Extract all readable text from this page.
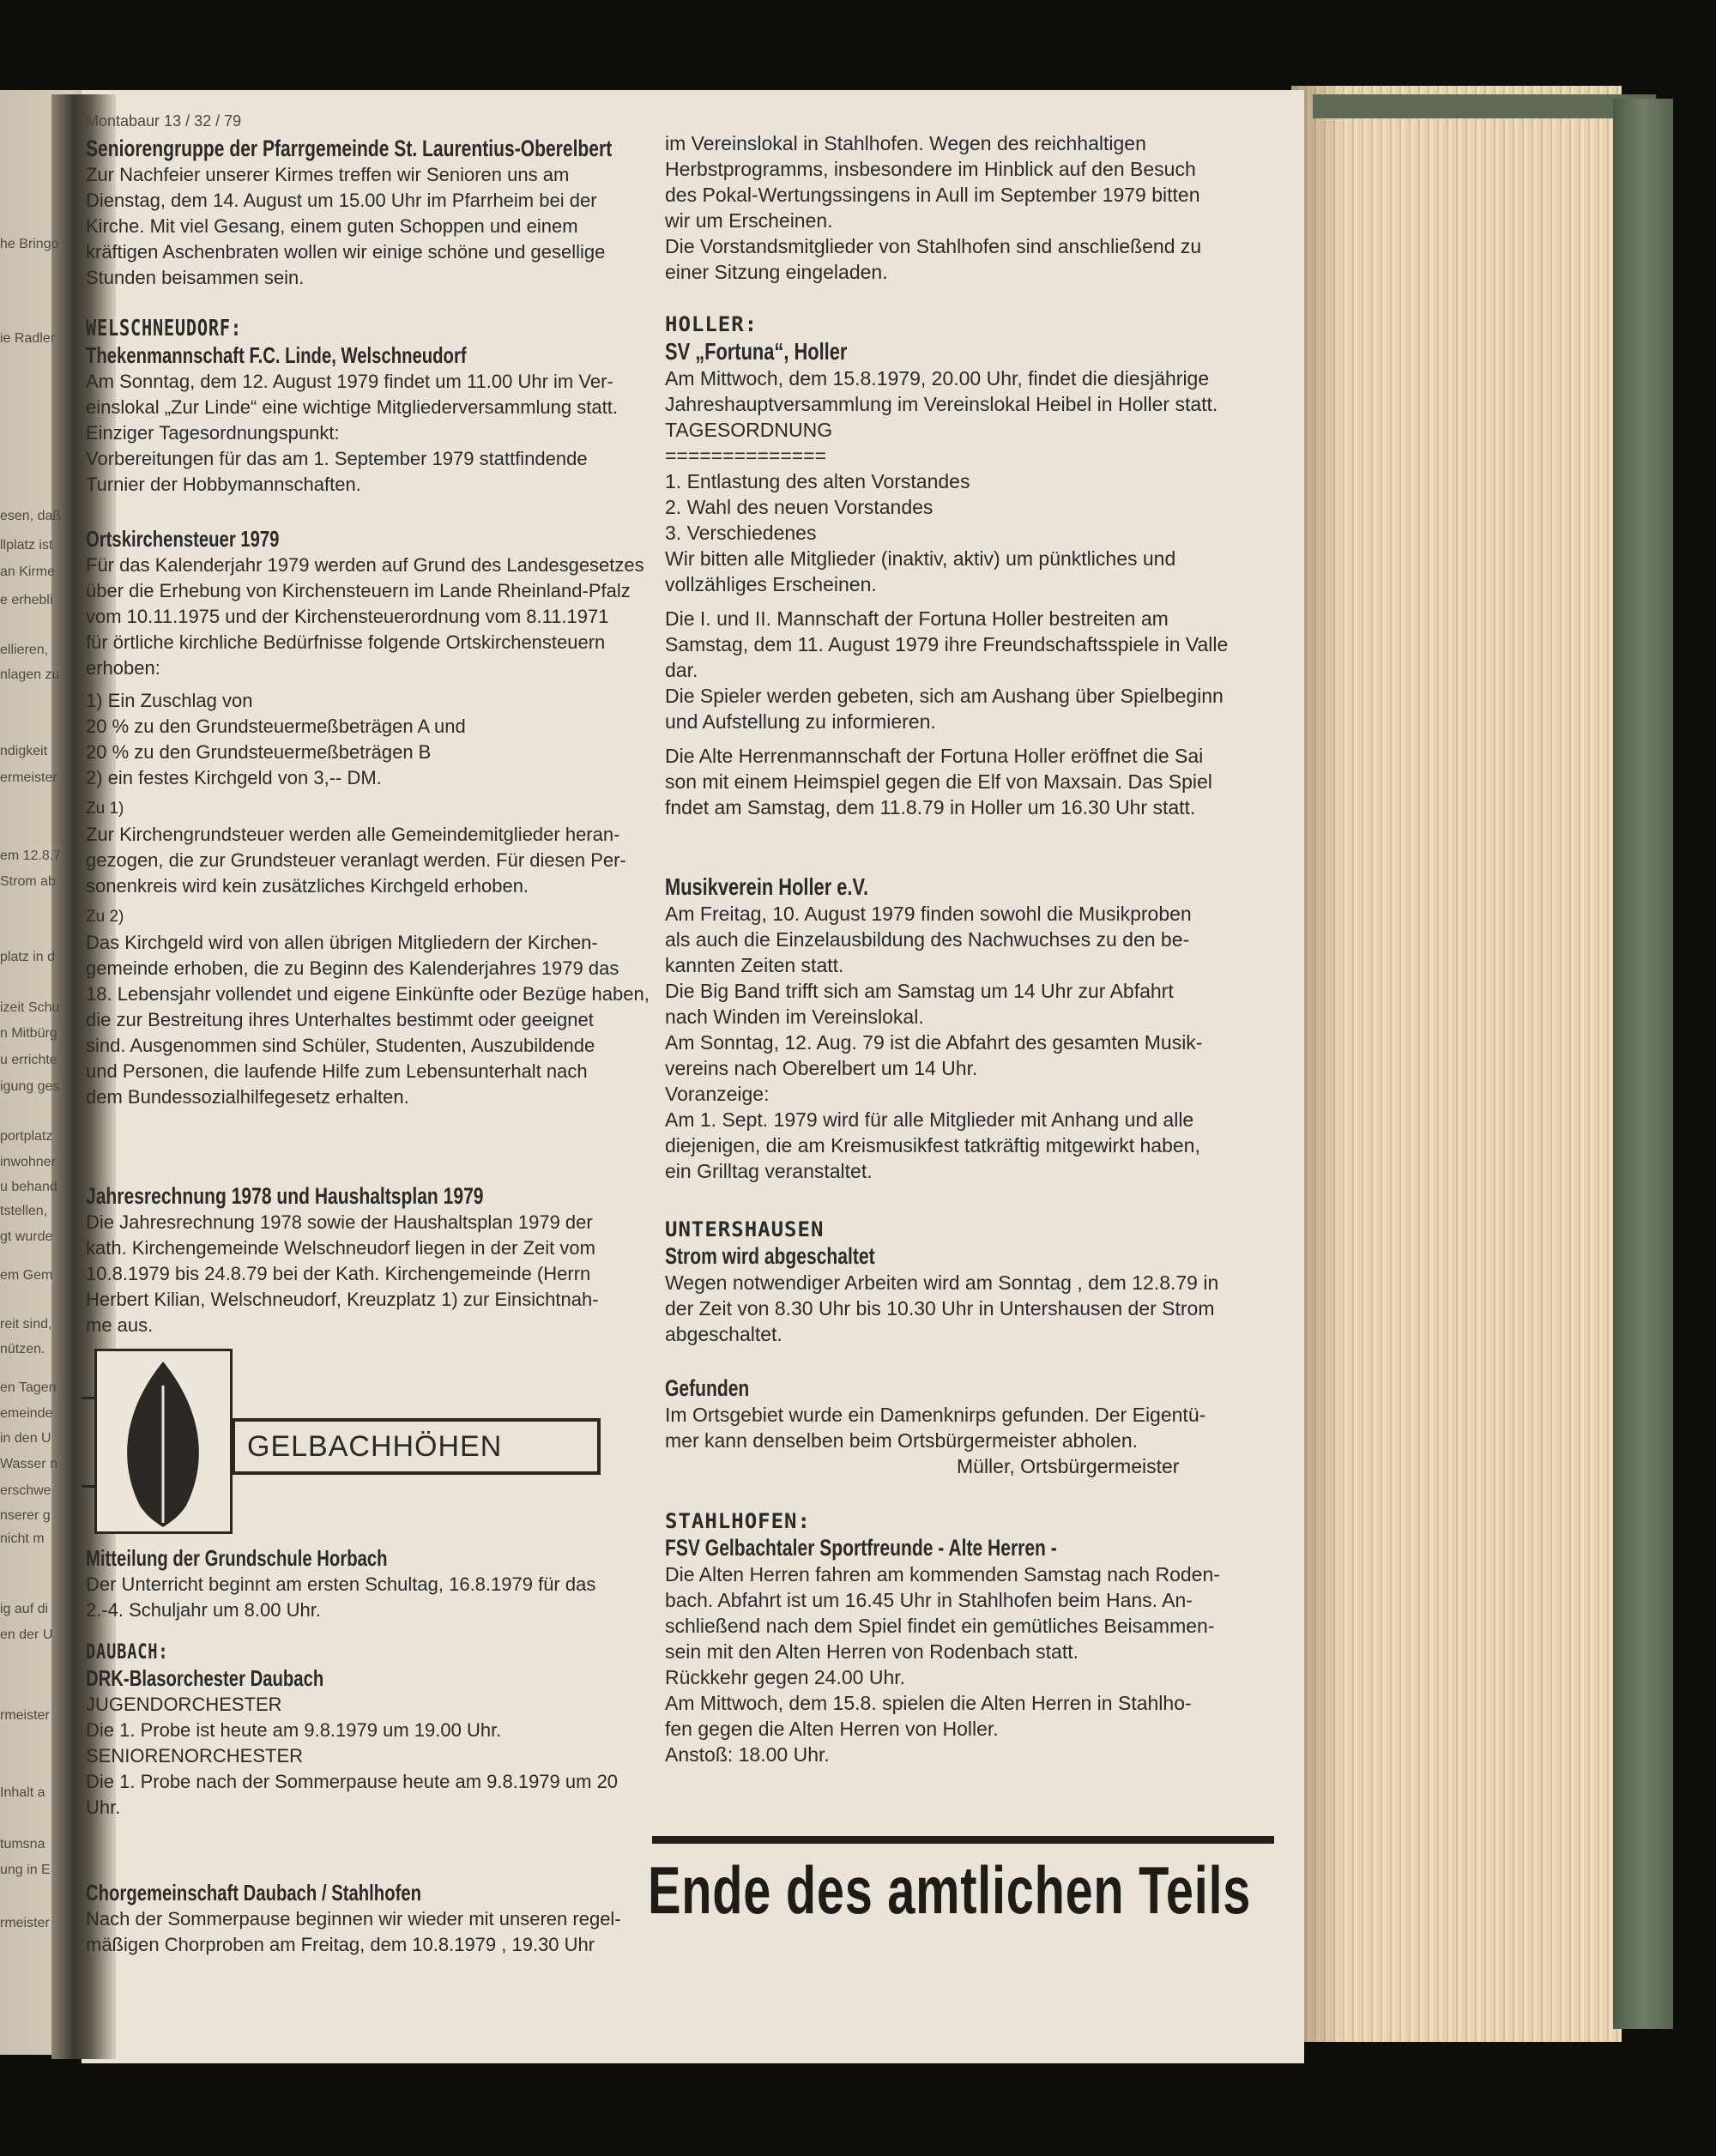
he Bringo
ie Radler
esen, daß
llplatz ist
an Kirme
e erhebli
ellieren,
nlagen zu
ndigkeit
ermeister
em 12.8.7
Strom ab
platz in d
izeit Schu
n Mitbürg
u errichte
igung ges
portplatz
inwohner
u behand
tstellen,
gt wurde
em Gem
reit sind,
nützen.
en Tagen
emeinde
in den U
Wasser n
erschwe
nserer g
nicht m
ig auf di
en der U
rmeister
Inhalt a
tumsna
ung in E
rmeister
Montabaur 13 / 32 / 79
Seniorengruppe der Pfarrgemeinde St. Laurentius-Oberelbert
Zur Nachfeier unserer Kirmes treffen wir Senioren uns am
Dienstag, dem 14. August um 15.00 Uhr im Pfarrheim bei der
Kirche. Mit viel Gesang, einem guten Schoppen und einem
kräftigen Aschenbraten wollen wir einige schöne und gesellige
Stunden beisammen sein.
WELSCHNEUDORF:
Thekenmannschaft F.C. Linde, Welschneudorf
Am Sonntag, dem 12. August 1979 findet um 11.00 Uhr im Ver-
einslokal „Zur Linde“ eine wichtige Mitgliederversammlung statt.
Einziger Tagesordnungspunkt:
Vorbereitungen für das am 1. September 1979 stattfindende
Turnier der Hobbymannschaften.
Ortskirchensteuer 1979
Für das Kalenderjahr 1979 werden auf Grund des Landesgesetzes
über die Erhebung von Kirchensteuern im Lande Rheinland-Pfalz
vom 10.11.1975 und der Kirchensteuerordnung vom 8.11.1971
für örtliche kirchliche Bedürfnisse folgende Ortskirchensteuern
erhoben:
1) Ein Zuschlag von
20 % zu den Grundsteuermeßbeträgen A und
20 % zu den Grundsteuermeßbeträgen B
2) ein festes Kirchgeld von 3,-- DM.
Zu 1)
Zur Kirchengrundsteuer werden alle Gemeindemitglieder heran-
gezogen, die zur Grundsteuer veranlagt werden. Für diesen Per-
sonenkreis wird kein zusätzliches Kirchgeld erhoben.
Zu 2)
Das Kirchgeld wird von allen übrigen Mitgliedern der Kirchen-
gemeinde erhoben, die zu Beginn des Kalenderjahres 1979 das
18. Lebensjahr vollendet und eigene Einkünfte oder Bezüge haben,
die zur Bestreitung ihres Unterhaltes bestimmt oder geeignet
sind. Ausgenommen sind Schüler, Studenten, Auszubildende
und Personen, die laufende Hilfe zum Lebensunterhalt nach
dem Bundessozialhilfegesetz erhalten.
Jahresrechnung 1978 und Haushaltsplan 1979
Die Jahresrechnung 1978 sowie der Haushaltsplan 1979 der
kath. Kirchengemeinde Welschneudorf liegen in der Zeit vom
10.8.1979 bis 24.8.79 bei der Kath. Kirchengemeinde (Herrn
Herbert Kilian, Welschneudorf, Kreuzplatz 1) zur Einsichtnah-
me aus.
GELBACHHÖHEN
Mitteilung der Grundschule Horbach
Der Unterricht beginnt am ersten Schultag, 16.8.1979 für das
2.-4. Schuljahr um 8.00 Uhr.
DAUBACH:
DRK-Blasorchester Daubach
JUGENDORCHESTER
Die 1. Probe ist heute am 9.8.1979 um 19.00 Uhr.
SENIORENORCHESTER
Die 1. Probe nach der Sommerpause heute am 9.8.1979 um 20
Uhr.
Chorgemeinschaft Daubach / Stahlhofen
Nach der Sommerpause beginnen wir wieder mit unseren regel-
mäßigen Chorproben am Freitag, dem 10.8.1979 , 19.30 Uhr
im Vereinslokal in Stahlhofen. Wegen des reichhaltigen
Herbstprogramms, insbesondere im Hinblick auf den Besuch
des Pokal-Wertungssingens in Aull im September 1979 bitten
wir um Erscheinen.
Die Vorstandsmitglieder von Stahlhofen sind anschließend zu
einer Sitzung eingeladen.
HOLLER:
SV „Fortuna“, Holler
Am Mittwoch, dem 15.8.1979, 20.00 Uhr, findet die diesjährige
Jahreshauptversammlung im Vereinslokal Heibel in Holler statt.
TAGESORDNUNG
==============
1. Entlastung des alten Vorstandes
2. Wahl des neuen Vorstandes
3. Verschiedenes
Wir bitten alle Mitglieder (inaktiv, aktiv) um pünktliches und
vollzähliges Erscheinen.
Die I. und II. Mannschaft der Fortuna Holler bestreiten am
Samstag, dem 11. August 1979 ihre Freundschaftsspiele in Valle
dar.
Die Spieler werden gebeten, sich am Aushang über Spielbeginn
und Aufstellung zu informieren.
Die Alte Herrenmannschaft der Fortuna Holler eröffnet die Sai
son mit einem Heimspiel gegen die Elf von Maxsain. Das Spiel
fndet am Samstag, dem 11.8.79 in Holler um 16.30 Uhr statt.
Musikverein Holler e.V.
Am Freitag, 10. August 1979 finden sowohl die Musikproben
als auch die Einzelausbildung des Nachwuchses zu den be-
kannten Zeiten statt.
Die Big Band trifft sich am Samstag um 14 Uhr zur Abfahrt
nach Winden im Vereinslokal.
Am Sonntag, 12. Aug. 79 ist die Abfahrt des gesamten Musik-
vereins nach Oberelbert um 14 Uhr.
Voranzeige:
Am 1. Sept. 1979 wird für alle Mitglieder mit Anhang und alle
diejenigen, die am Kreismusikfest tatkräftig mitgewirkt haben,
ein Grilltag veranstaltet.
UNTERSHAUSEN
Strom wird abgeschaltet
Wegen notwendiger Arbeiten wird am Sonntag , dem 12.8.79 in
der Zeit von 8.30 Uhr bis 10.30 Uhr in Untershausen der Strom
abgeschaltet.
Gefunden
Im Ortsgebiet wurde ein Damenknirps gefunden. Der Eigentü-
mer kann denselben beim Ortsbürgermeister abholen.
Müller, Ortsbürgermeister
STAHLHOFEN:
FSV Gelbachtaler Sportfreunde - Alte Herren -
Die Alten Herren fahren am kommenden Samstag nach Roden-
bach. Abfahrt ist um 16.45 Uhr in Stahlhofen beim Hans. An-
schließend nach dem Spiel findet ein gemütliches Beisammen-
sein mit den Alten Herren von Rodenbach statt.
Rückkehr gegen 24.00 Uhr.
Am Mittwoch, dem 15.8. spielen die Alten Herren in Stahlho-
fen gegen die Alten Herren von Holler.
Anstoß: 18.00 Uhr.
Ende des amtlichen Teils
